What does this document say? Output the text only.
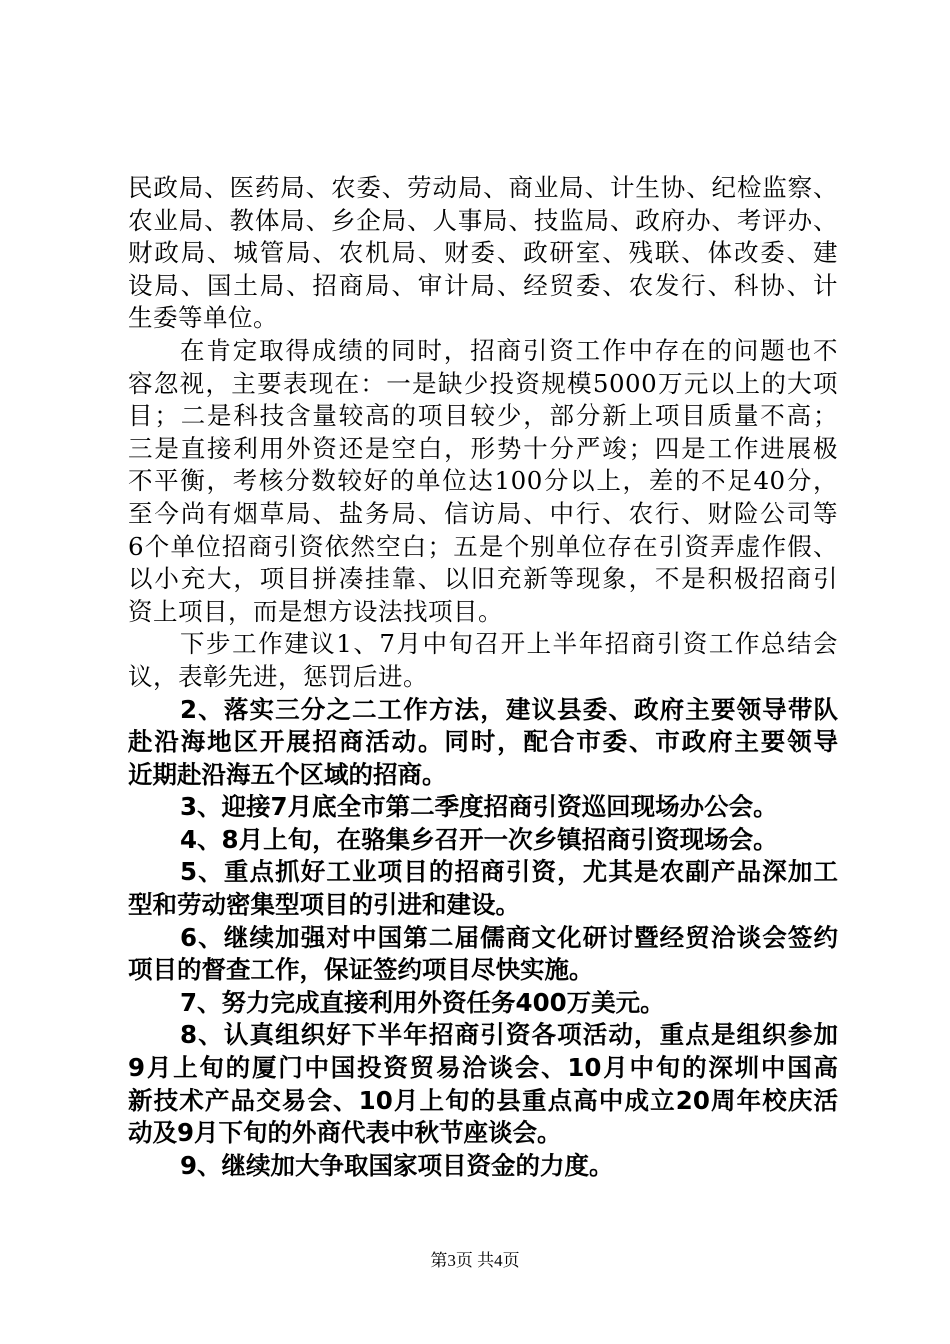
民政局、医药局、农委、劳动局、商业局、计生协、纪检监察、
农业局、教体局、乡企局、人事局、技监局、政府办、考评办、
财政局、城管局、农机局、财委、政研室、残联、体改委、建
设局、国土局、招商局、审计局、经贸委、农发行、科协、计
生委等单位。
在肯定取得成绩的同时，招商引资工作中存在的问题也不
容忽视，主要表现在：一是缺少投资规模5000万元以上的大项
目；二是科技含量较高的项目较少，部分新上项目质量不高；
三是直接利用外资还是空白，形势十分严竣；四是工作进展极
不平衡，考核分数较好的单位达100分以上，差的不足40分，
至今尚有烟草局、盐务局、信访局、中行、农行、财险公司等
6个单位招商引资依然空白；五是个别单位存在引资弄虚作假、
以小充大，项目拼凑挂靠、以旧充新等现象，不是积极招商引
资上项目，而是想方设法找项目。
下步工作建议1、7月中旬召开上半年招商引资工作总结会
议，表彰先进，惩罚后进。
2、落实三分之二工作方法，建议县委、政府主要领导带队
赴沿海地区开展招商活动。同时，配合市委、市政府主要领导
近期赴沿海五个区域的招商。
3、迎接7月底全市第二季度招商引资巡回现场办公会。
4、8月上旬，在骆集乡召开一次乡镇招商引资现场会。
5、重点抓好工业项目的招商引资，尤其是农副产品深加工
型和劳动密集型项目的引进和建设。
6、继续加强对中国第二届儒商文化研讨暨经贸洽谈会签约
项目的督查工作，保证签约项目尽快实施。
7、努力完成直接利用外资任务400万美元。
8、认真组织好下半年招商引资各项活动，重点是组织参加
9月上旬的厦门中国投资贸易洽谈会、10月中旬的深圳中国高
新技术产品交易会、10月上旬的县重点高中成立20周年校庆活
动及9月下旬的外商代表中秋节座谈会。
9、继续加大争取国家项目资金的力度。
第3页 共4页
